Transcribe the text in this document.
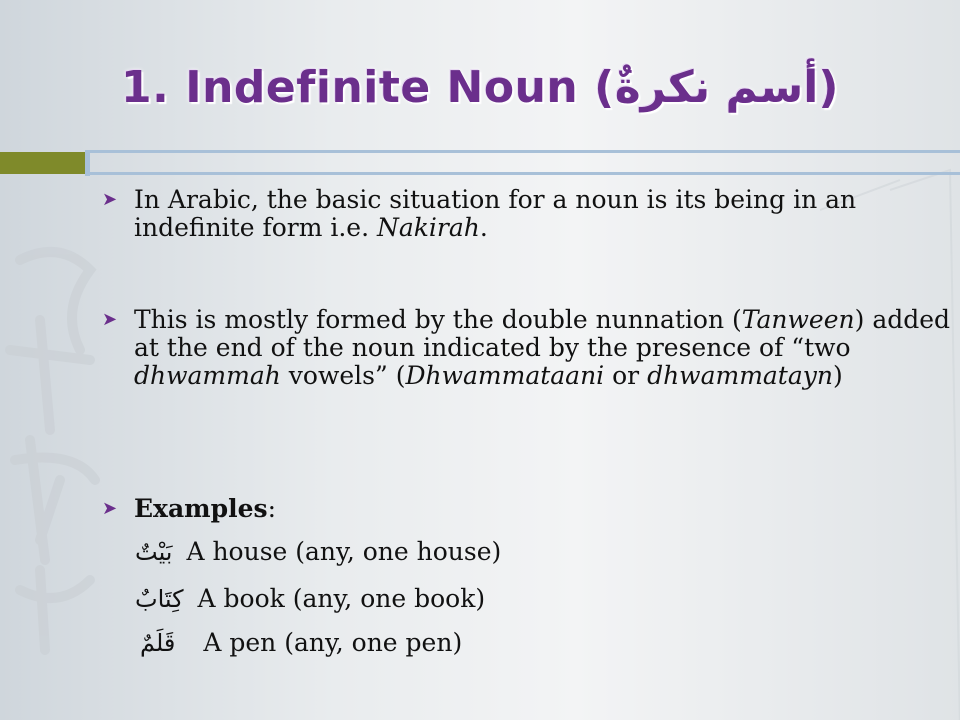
1. Indefinite Noun (أسم نكرةٌ)
➤ In Arabic, the basic situation for a noun is its being in an indefinite form i.e. Nakirah.
➤ This is mostly formed by the double nunnation (Tanween) added at the end of the noun indicated by the presence of “two dhwammah vowels” (Dhwammataani or dhwammatayn)
➤ Examples:
بَيْتٌ A house (any, one house)
كِتَابٌ A book (any, one book)
قَلَمٌ A pen (any, one pen)
